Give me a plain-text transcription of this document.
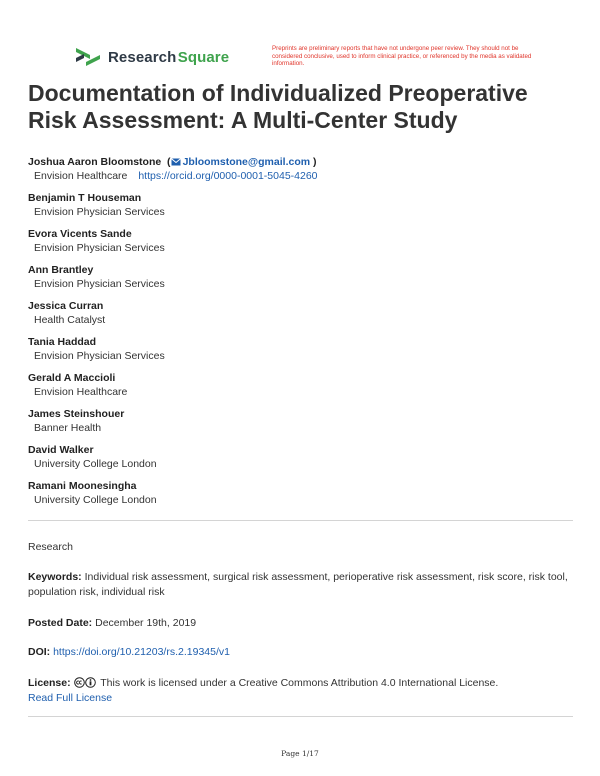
Research Square	Preprints are preliminary reports that have not undergone peer review. They should not be considered conclusive, used to inform clinical practice, or referenced by the media as validated information.
Documentation of Individualized Preoperative Risk Assessment: A Multi-Center Study
Joshua Aaron Bloomstone  ( Jbloomstone@gmail.com )
Envision Healthcare https://orcid.org/0000-0001-5045-4260
Benjamin T Houseman
Envision Physician Services
Evora Vicents Sande
Envision Physician Services
Ann Brantley
Envision Physician Services
Jessica Curran
Health Catalyst
Tania Haddad
Envision Physician Services
Gerald A Maccioli
Envision Healthcare
James Steinshouer
Banner Health
David Walker
University College London
Ramani Moonesingha
University College London
Research
Keywords: Individual risk assessment, surgical risk assessment, perioperative risk assessment, risk score, risk tool, population risk, individual risk
Posted Date: December 19th, 2019
DOI: https://doi.org/10.21203/rs.2.19345/v1
License:	This work is licensed under a Creative Commons Attribution 4.0 International License.
Read Full License
Page 1/17
